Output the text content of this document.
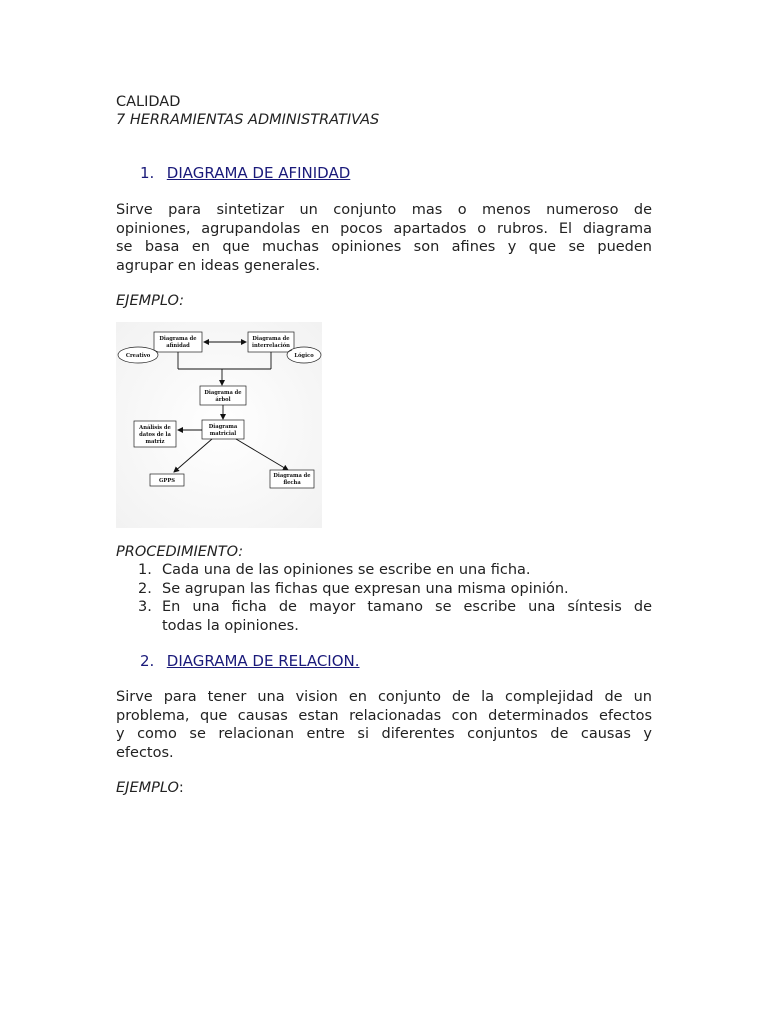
CALIDAD
7 HERRAMIENTAS ADMINISTRATIVAS
1. DIAGRAMA DE AFINIDAD
Sirve para sintetizar un conjunto mas o menos numeroso de
opiniones, agrupandolas en pocos apartados o rubros. El diagrama
se basa en que muchas opiniones son afines y que se pueden
agrupar en ideas generales.
EJEMPLO:
Diagrama de
afinidad
Diagrama de
interrelación
Creativo	Lógico
Diagrama de
árbol
Diagrama
matricial
Análisis de
datos de la
matriz
GPPS
Diagrama de
flecha
PROCEDIMIENTO:
1. Cada una de las opiniones se escribe en una ficha.
2. Se agrupan las fichas que expresan una misma opinión.
3. En una ficha de mayor tamano se escribe una síntesis de
todas la opiniones.
2. DIAGRAMA DE RELACION.
Sirve para tener una vision en conjunto de la complejidad de un
problema, que causas estan relacionadas con determinados efectos
y como se relacionan entre si diferentes conjuntos de causas y
efectos.
EJEMPLO:
